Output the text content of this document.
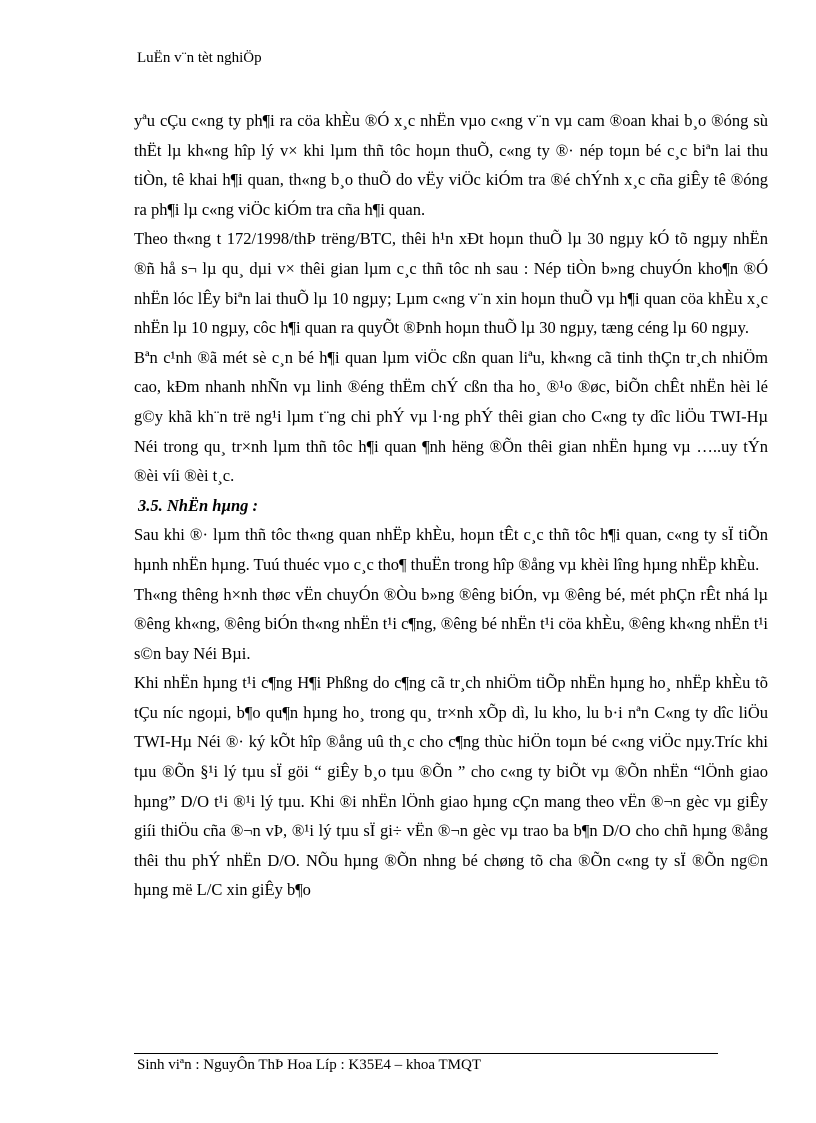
LuËn v¨n tèt nghiÖp

yªu cÇu c«ng ty ph¶i ra cöa khÈu ®Ó x¸c nhËn vµo c«ng v¨n vµ cam ®oan khai b¸o ®óng sù thËt lµ kh«ng hîp lý v× khi lµm thñ tôc hoµn thuÕ, c«ng ty ®· nép toµn bé c¸c biªn lai thu tiÒn, tê khai h¶i quan, th«ng b¸o thuÕ do vËy viÖc kiÓm tra ®é chÝnh x¸c cña giÊy tê ®óng ra ph¶i lµ c«ng viÖc kiÓm tra cña h¶i quan.

Theo th«ng t 172/1998/thÞ trëng/BTC, thêi h¹n xÐt hoµn thuÕ lµ 30 ngµy kÓ tõ ngµy nhËn ®ñ hå s¬ lµ qu¸ dµi v× thêi gian lµm c¸c thñ tôc nh sau : Nép tiÒn b»ng chuyÓn kho¶n ®Ó nhËn lóc lÊy biªn lai thuÕ lµ 10 ngµy; Lµm c«ng v¨n xin hoµn thuÕ vµ h¶i quan cöa khÈu x¸c nhËn lµ 10 ngµy, côc h¶i quan ra quyÕt ®Þnh hoµn thuÕ lµ 30 ngµy, tæng céng lµ 60 ngµy.

Bªn c¹nh ®ã mét sè c¸n bé h¶i quan lµm viÖc cßn quan liªu, kh«ng cã tinh thÇn tr¸ch nhiÖm cao, kÐm nhanh nhÑn vµ linh ®éng thËm chÝ cßn tha ho¸ ®¹o ®øc, biÕn chÊt nhËn hèi lé g©y khã kh¨n trë ng¹i lµm t¨ng chi phÝ vµ l·ng phÝ thêi gian cho C«ng ty dîc liÖu TWI-Hµ Néi trong qu¸ tr×nh lµm thñ tôc h¶i quan ¶nh hëng ®Õn thêi gian nhËn hµng vµ …..uy tÝn ®èi víi ®èi t¸c.

3.5. NhËn hµng :

Sau khi ®· lµm thñ tôc th«ng quan nhËp khÈu, hoµn tÊt c¸c thñ tôc h¶i quan, c«ng ty sÏ tiÕn hµnh nhËn hµng. Tuú thuéc vµo c¸c tho¶ thuËn trong hîp ®ång vµ khèi lîng hµng nhËp khÈu.

Th«ng thêng h×nh thøc vËn chuyÓn ®Òu b»ng ®êng biÓn, vµ ®êng bé, mét phÇn rÊt nhá lµ ®êng kh«ng, ®êng biÓn th«ng nhËn t¹i c¶ng, ®êng bé nhËn t¹i cöa khÈu, ®êng kh«ng nhËn t¹i s©n bay Néi Bµi.

Khi nhËn hµng t¹i c¶ng H¶i Phßng do c¶ng cã tr¸ch nhiÖm tiÕp nhËn hµng ho¸ nhËp khÈu tõ tÇu níc ngoµi, b¶o qu¶n hµng ho¸ trong qu¸ tr×nh xÕp dì, lu kho, lu b·i nªn C«ng ty dîc liÖu TWI-Hµ Néi ®· ký kÕt hîp ®ång uû th¸c cho c¶ng thùc hiÖn toµn bé c«ng viÖc nµy.Tríc khi tµu ®Õn §¹i lý tµu sÏ göi “ giÊy b¸o tµu ®Õn ” cho c«ng ty biÕt vµ ®Õn nhËn “lÖnh giao hµng” D/O t¹i ®¹i lý tµu. Khi ®i nhËn lÖnh giao hµng cÇn mang theo vËn ®¬n gèc vµ giÊy giíi thiÖu cña ®¬n vÞ, ®¹i lý tµu sÏ gi÷ vËn ®¬n gèc vµ trao ba b¶n D/O cho chñ hµng ®ång thêi thu phÝ nhËn D/O. NÕu hµng ®Õn nhng bé chøng tõ cha ®Õn c«ng ty sÏ ®Õn ng©n hµng më L/C xin giÊy b¶o

Sinh viªn : NguyÔn ThÞ Hoa Líp : K35E4 – khoa TMQT
